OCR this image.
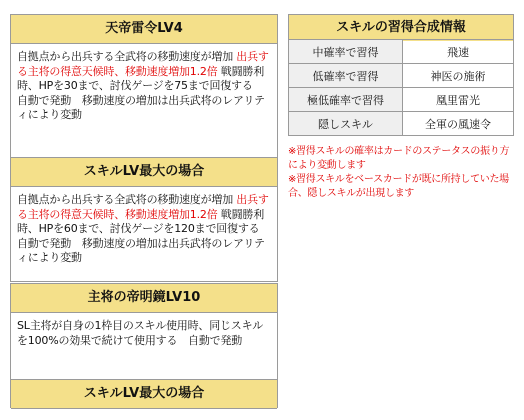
天帝雷令LV4
自拠点から出兵する全武将の移動速度が増加 出兵する主将の得意天候時、移動速度増加1.2倍 戦闘勝利時、HPを30まで、討伐ゲージを75まで回復する　自動で発動　移動速度の増加は出兵武将のレアリティにより変動
スキルLV最大の場合
自拠点から出兵する全武将の移動速度が増加 出兵する主将の得意天候時、移動速度増加1.2倍 戦闘勝利時、HPを60まで、討伐ゲージを120まで回復する　自動で発動　移動速度の増加は出兵武将のレアリティにより変動
主将の帝明鏡LV10
SL主将が自身の1枠目のスキル使用時、同じスキルを100%の効果で続けて使用する　自動で発動
スキルLV最大の場合
スキルの習得合成情報
中確率で習得	飛速
低確率で習得	神医の施術
極低確率で習得	凰里雷光
隠しスキル	全軍の風速令
※習得スキルの確率はカードのステータスの振り方により変動します
※習得スキルをベースカードが既に所持していた場合、隠しスキルが出現します
